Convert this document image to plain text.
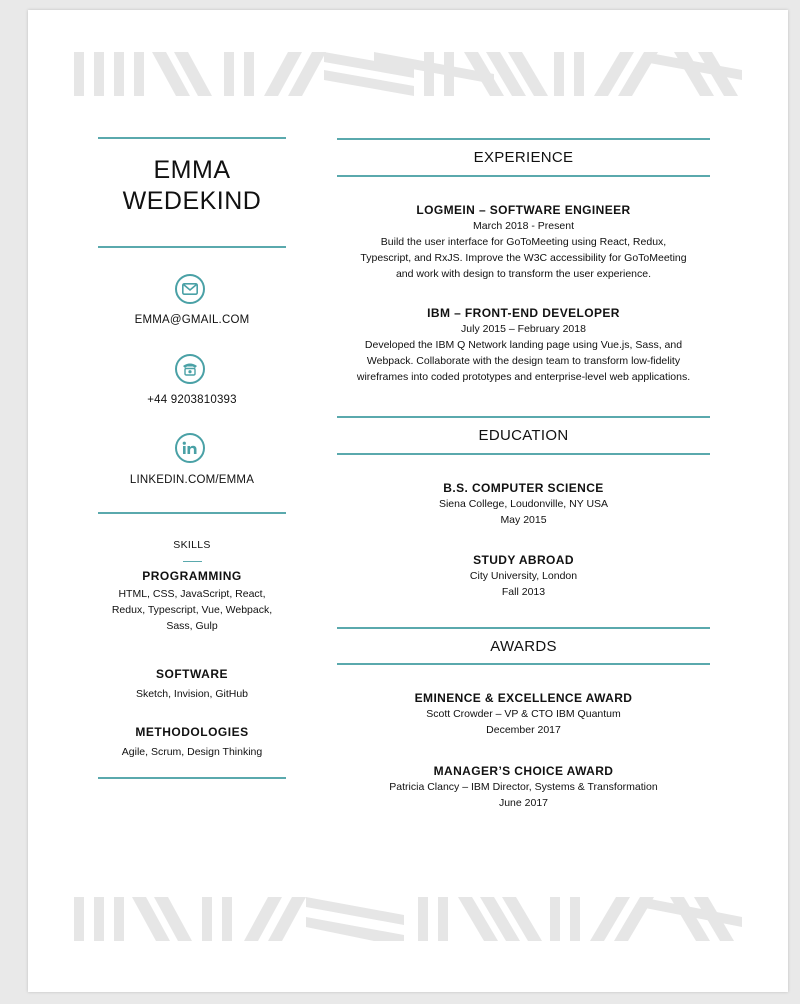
EMMA
WEDEKIND
EMMA@GMAIL.COM
+44 9203810393
LINKEDIN.COM/EMMA
SKILLS
PROGRAMMING
HTML, CSS, JavaScript, React,
Redux, Typescript, Vue, Webpack,
Sass, Gulp
SOFTWARE
Sketch, Invision, GitHub
METHODOLOGIES
Agile, Scrum, Design Thinking
EXPERIENCE
LOGMEIN – SOFTWARE ENGINEER
March 2018 - Present
Build the user interface for GoToMeeting using React, Redux,
Typescript, and RxJS. Improve the W3C accessibility for GoToMeeting
and work with design to transform the user experience.
IBM – FRONT-END DEVELOPER
July 2015 – February 2018
Developed the IBM Q Network landing page using Vue.js, Sass, and
Webpack. Collaborate with the design team to transform low-fidelity
wireframes into coded prototypes and enterprise-level web applications.
EDUCATION
B.S. COMPUTER SCIENCE
Siena College, Loudonville, NY USA
May 2015
STUDY ABROAD
City University, London
Fall 2013
AWARDS
EMINENCE & EXCELLENCE AWARD
Scott Crowder – VP & CTO IBM Quantum
December 2017
MANAGER’S CHOICE AWARD
Patricia Clancy – IBM Director, Systems & Transformation
June 2017
